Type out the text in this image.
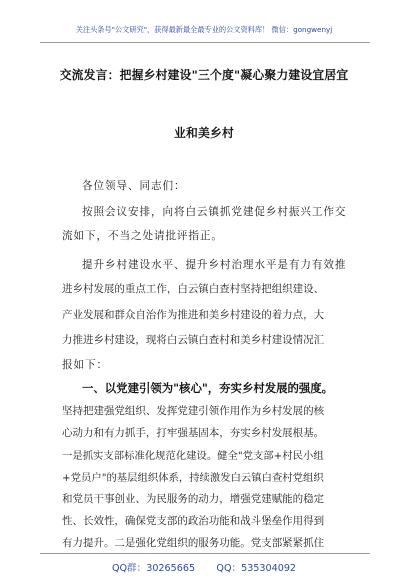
关注头条号"公文研究"，获得最新最全最专业的公文资料库！ 微信：gongwenyj
交流发言：把握乡村建设"三个度"凝心聚力建设宜居宜
业和美乡村
各位领导、同志们：
按照会议安排，向将白云镇抓党建促乡村振兴工作交
流如下，不当之处请批评指正。
提升乡村建设水平、提升乡村治理水平是有力有效推
进乡村发展的重点工作，白云镇白查村坚持把组织建设、
产业发展和群众自治作为推进和美乡村建设的着力点，大
力推进乡村建设，现将白云镇白查村和美乡村建设情况汇
报如下：
一、以党建引领为"核心"，夯实乡村发展的强度。
坚持把建强党组织、发挥党建引领作用作为乡村发展的核
心动力和有力抓手，打牢强基固本，夯实乡村发展根基。
一是抓实支部标准化规范化建设。健全"党支部+村民小组
+党员户"的基层组织体系，持续激发白云镇白查村党组织
和党员干事创业、为民服务的动力，增强党建赋能的稳定
性、长效性，确保党支部的政治功能和战斗堡垒作用得到
有力提升。二是强化党组织的服务功能。党支部紧紧抓住
QQ群：30265665       QQ：535304092
